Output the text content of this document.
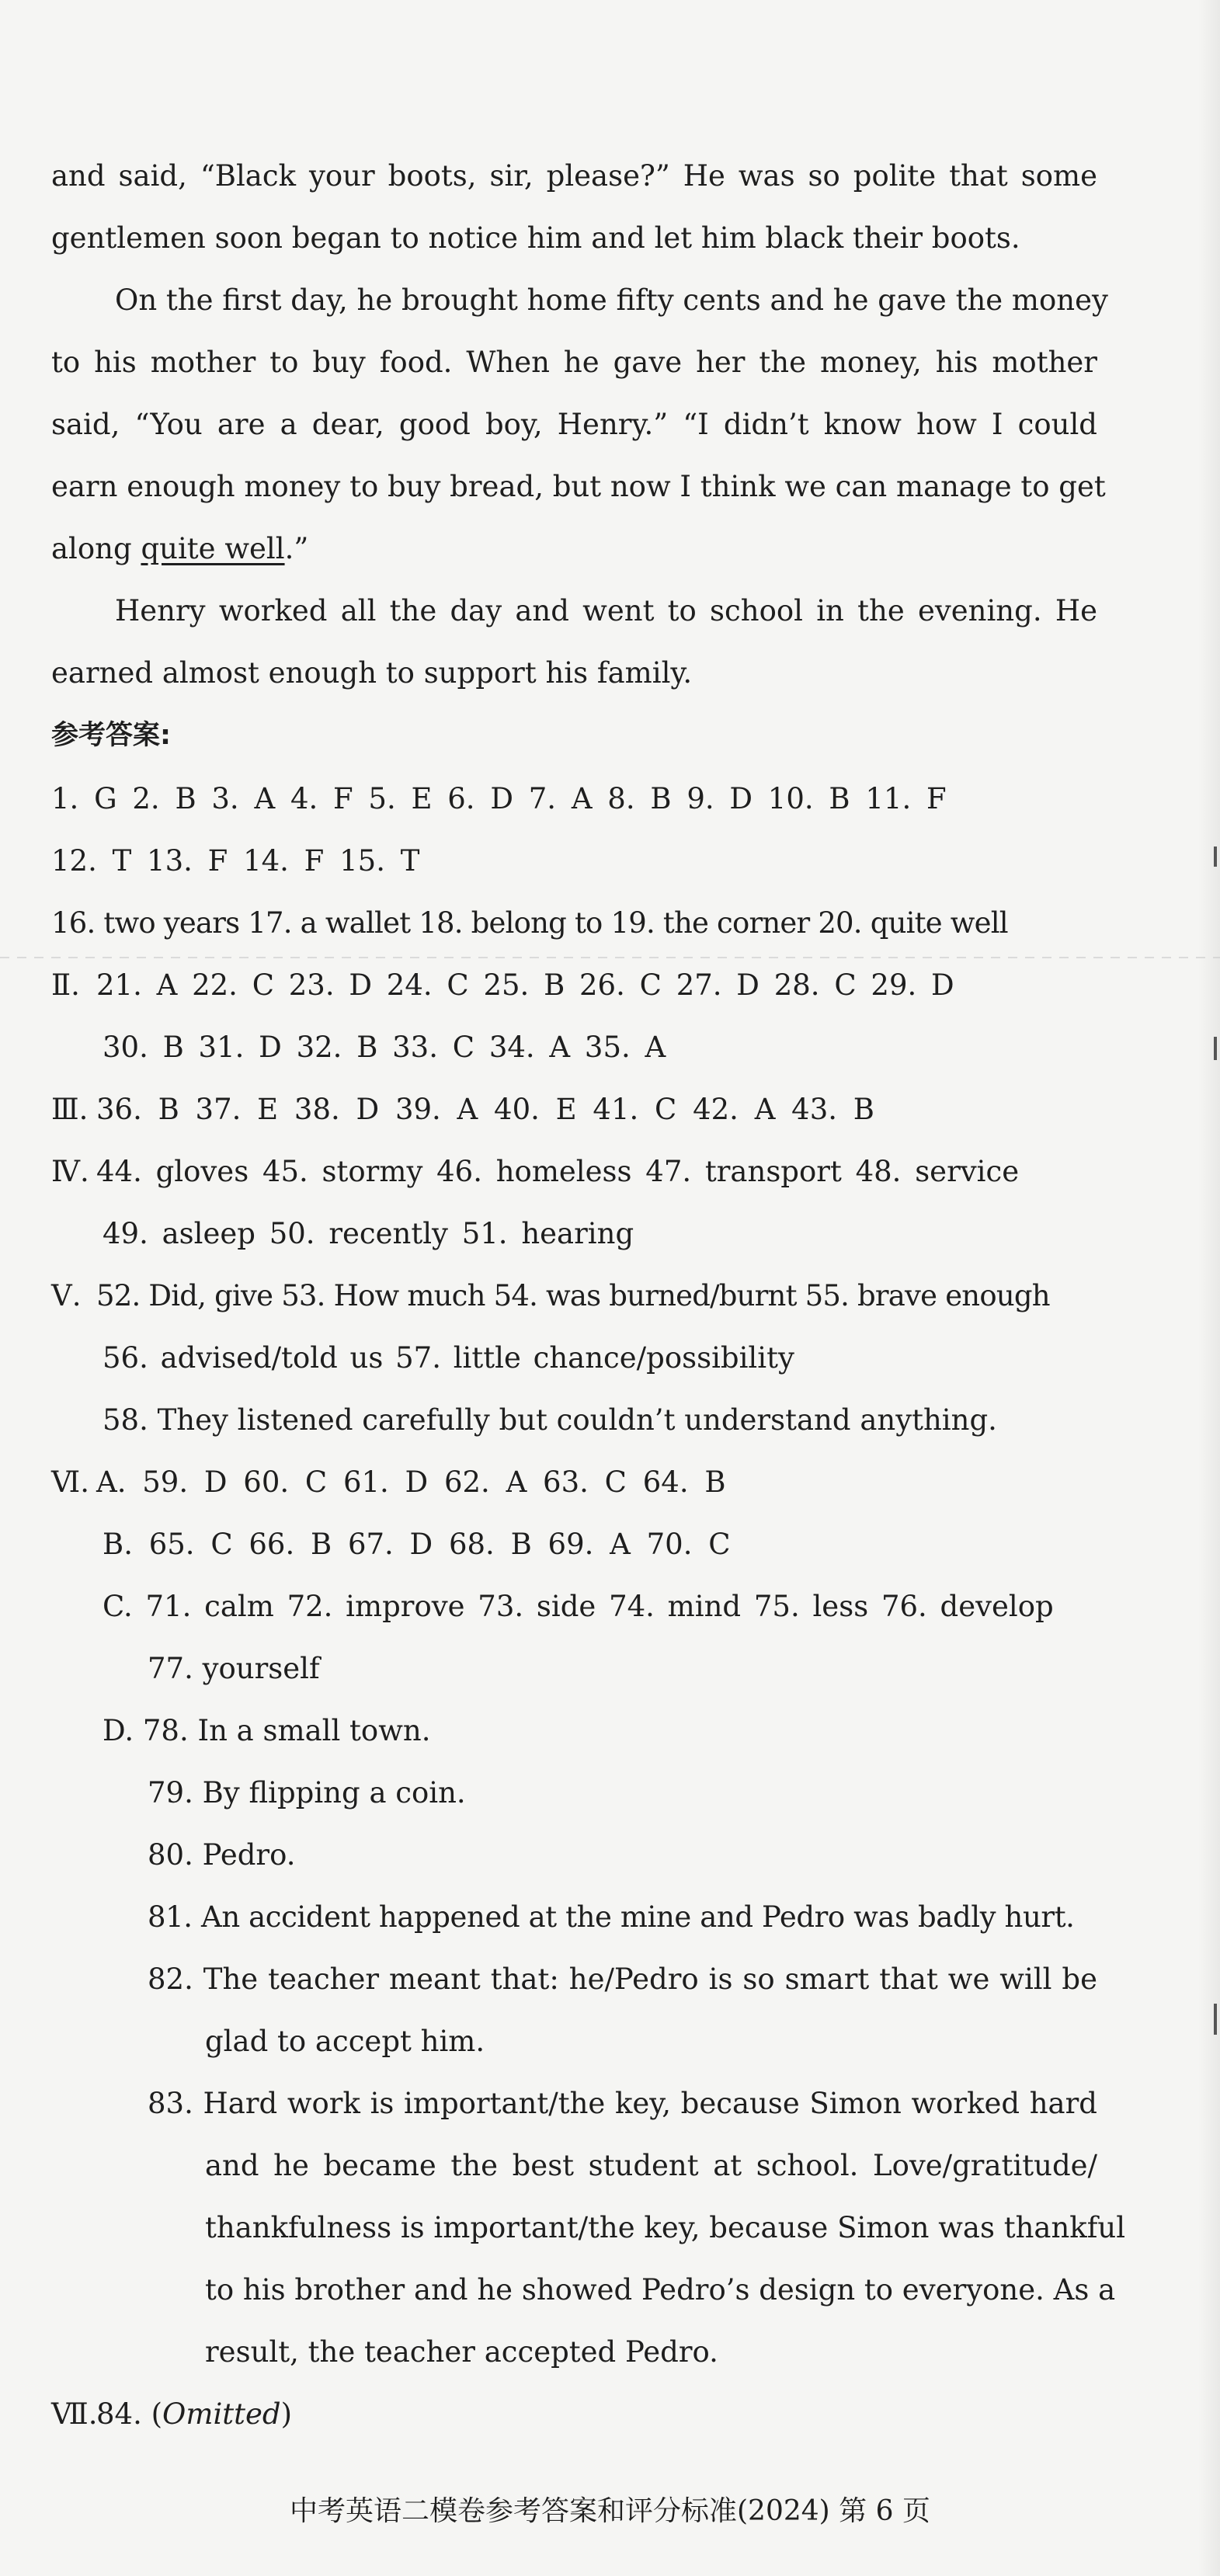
and said, “Black your boots, sir, please?” He was so polite that some
gentlemen soon began to notice him and let him black their boots.
On the first day, he brought home fifty cents and he gave the money
to his mother to buy food. When he gave her the money, his mother
said, “You are a dear, good boy, Henry.” “I didn’t know how I could
earn enough money to buy bread, but now I think we can manage to get
along quite well.”
Henry worked all the day and went to school in the evening. He
earned almost enough to support his family.
参考答案:
1. G 2. B 3. A 4. F 5. E 6. D 7. A 8. B 9. D 10. B 11. F
12. T 13. F 14. F 15. T
16. two years 17. a wallet 18. belong to 19. the corner 20. quite well
Ⅱ. 21. A 22. C 23. D 24. C 25. B 26. C 27. D 28. C 29. D
30. B 31. D 32. B 33. C 34. A 35. A
Ⅲ. 36. B 37. E 38. D 39. A 40. E 41. C 42. A 43. B
Ⅳ. 44. gloves 45. stormy 46. homeless 47. transport 48. service
49. asleep 50. recently 51. hearing
Ⅴ. 52. Did, give 53. How much 54. was burned/burnt 55. brave enough
56. advised/told us 57. little chance/possibility
58. They listened carefully but couldn’t understand anything.
Ⅵ. A. 59. D 60. C 61. D 62. A 63. C 64. B
B. 65. C 66. B 67. D 68. B 69. A 70. C
C. 71. calm 72. improve 73. side 74. mind 75. less 76. develop
77. yourself
D. 78. In a small town.
79. By flipping a coin.
80. Pedro.
81. An accident happened at the mine and Pedro was badly hurt.
82. The teacher meant that: he/Pedro is so smart that we will be
glad to accept him.
83. Hard work is important/the key, because Simon worked hard
and he became the best student at school. Love/gratitude/
thankfulness is important/the key, because Simon was thankful
to his brother and he showed Pedro’s design to everyone. As a
result, the teacher accepted Pedro.
Ⅶ.
84. (Omitted)
中考英语二模卷参考答案和评分标准(2024) 第 6 页
